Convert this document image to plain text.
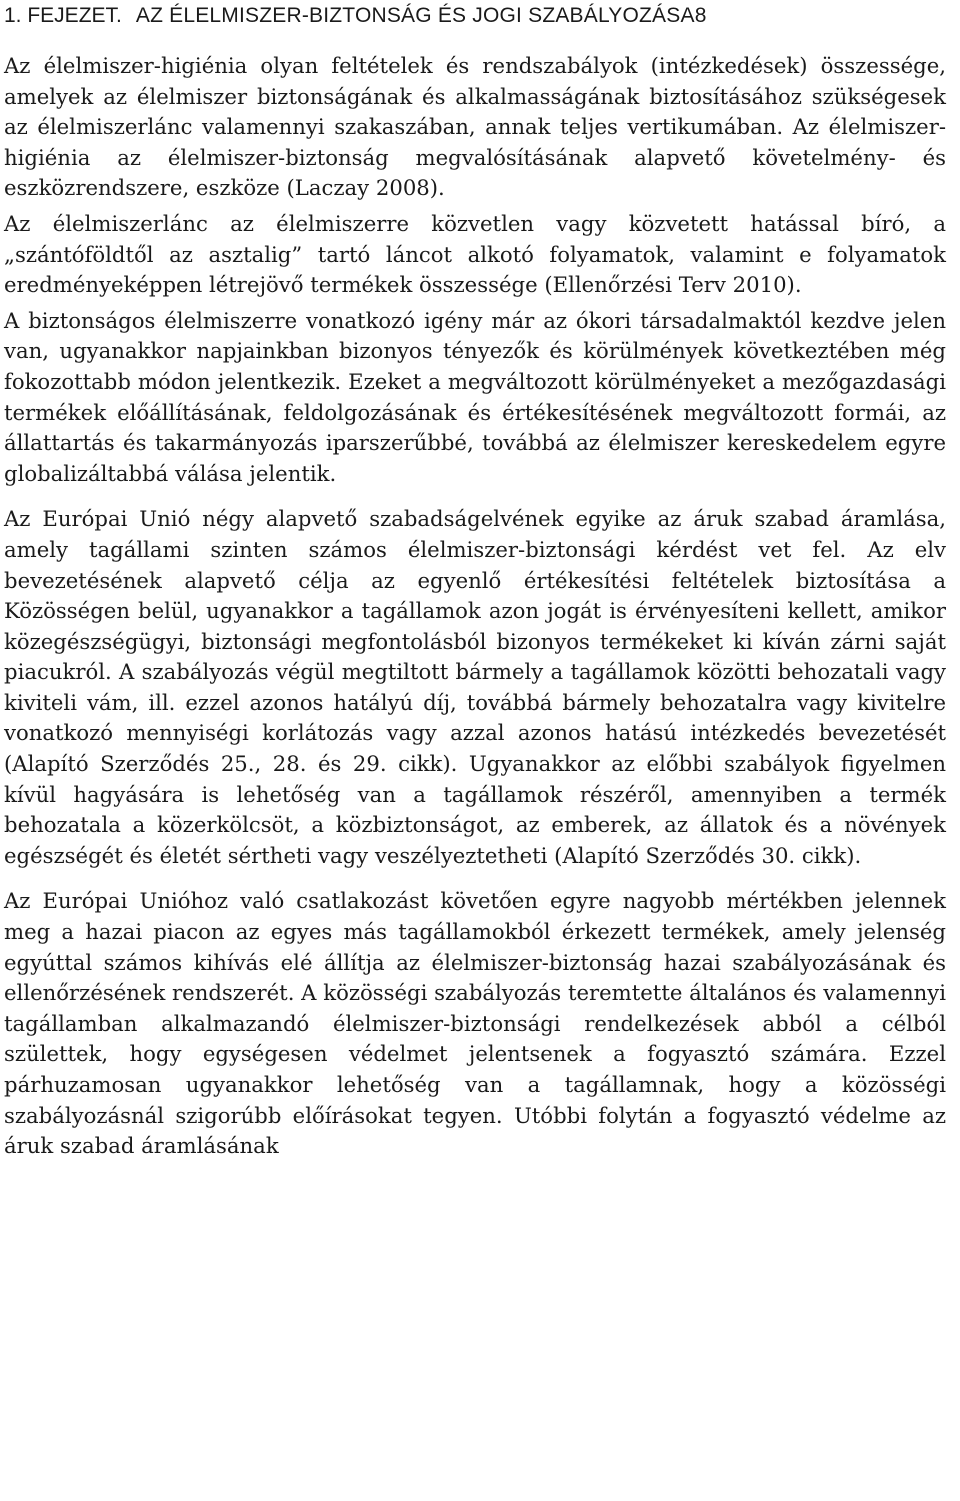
1. FEJEZET. AZ ÉLELMISZER-BIZTONSÁG ÉS JOGI SZABÁLYOZÁSA8

Az élelmiszer-higiénia olyan feltételek és rendszabályok (intézkedések) összessége, amelyek az élelmiszer biztonságának és alkalmasságának biztosításához szükségesek az élelmiszerlánc valamennyi szakaszában, annak teljes vertikumában. Az élelmiszer-higiénia az élelmiszer-biztonság megvalósításának alapvető követelmény- és eszközrendszere, eszköze (Laczay 2008).

Az élelmiszerlánc az élelmiszerre közvetlen vagy közvetett hatással bíró, a „szántóföldtől az asztalig” tartó láncot alkotó folyamatok, valamint e folyamatok eredményeképpen létrejövő termékek összessége (Ellenőrzési Terv 2010).

A biztonságos élelmiszerre vonatkozó igény már az ókori társadalmaktól kezdve jelen van, ugyanakkor napjainkban bizonyos tényezők és körülmények következtében még fokozottabb módon jelentkezik. Ezeket a megváltozott körülményeket a mezőgazdasági termékek előállításának, feldolgozásának és értékesítésének megváltozott formái, az állattartás és takarmányozás iparszerűbbé, továbbá az élelmiszer kereskedelem egyre globalizáltabbá válása jelentik.

Az Európai Unió négy alapvető szabadságelvének egyike az áruk szabad áramlása, amely tagállami szinten számos élelmiszer-biztonsági kérdést vet fel. Az elv bevezetésének alapvető célja az egyenlő értékesítési feltételek biztosítása a Közösségen belül, ugyanakkor a tagállamok azon jogát is érvényesíteni kellett, amikor közegészségügyi, biztonsági megfontolásból bizonyos termékeket ki kíván zárni saját piacukról. A szabályozás végül megtiltott bármely a tagállamok közötti behozatali vagy kiviteli vám, ill. ezzel azonos hatályú díj, továbbá bármely behozatalra vagy kivitelre vonatkozó mennyiségi korlátozás vagy azzal azonos hatású intézkedés bevezetését (Alapító Szerződés 25., 28. és 29. cikk). Ugyanakkor az előbbi szabályok figyelmen kívül hagyására is lehetőség van a tagállamok részéről, amennyiben a termék behozatala a közerkölcsöt, a közbiztonságot, az emberek, az állatok és a növények egészségét és életét sértheti vagy veszélyeztetheti (Alapító Szerződés 30. cikk).

Az Európai Unióhoz való csatlakozást követően egyre nagyobb mértékben jelennek meg a hazai piacon az egyes más tagállamokból érkezett termékek, amely jelenség egyúttal számos kihívás elé állítja az élelmiszer-biztonság hazai szabályozásának és ellenőrzésének rendszerét. A közösségi szabályozás teremtette általános és valamennyi tagállamban alkalmazandó élelmiszer-biztonsági rendelkezések abból a célból születtek, hogy egységesen védelmet jelentsenek a fogyasztó számára. Ezzel párhuzamosan ugyanakkor lehetőség van a tagállamnak, hogy a közösségi szabályozásnál szigorúbb előírásokat tegyen. Utóbbi folytán a fogyasztó védelme az áruk szabad áramlásának
